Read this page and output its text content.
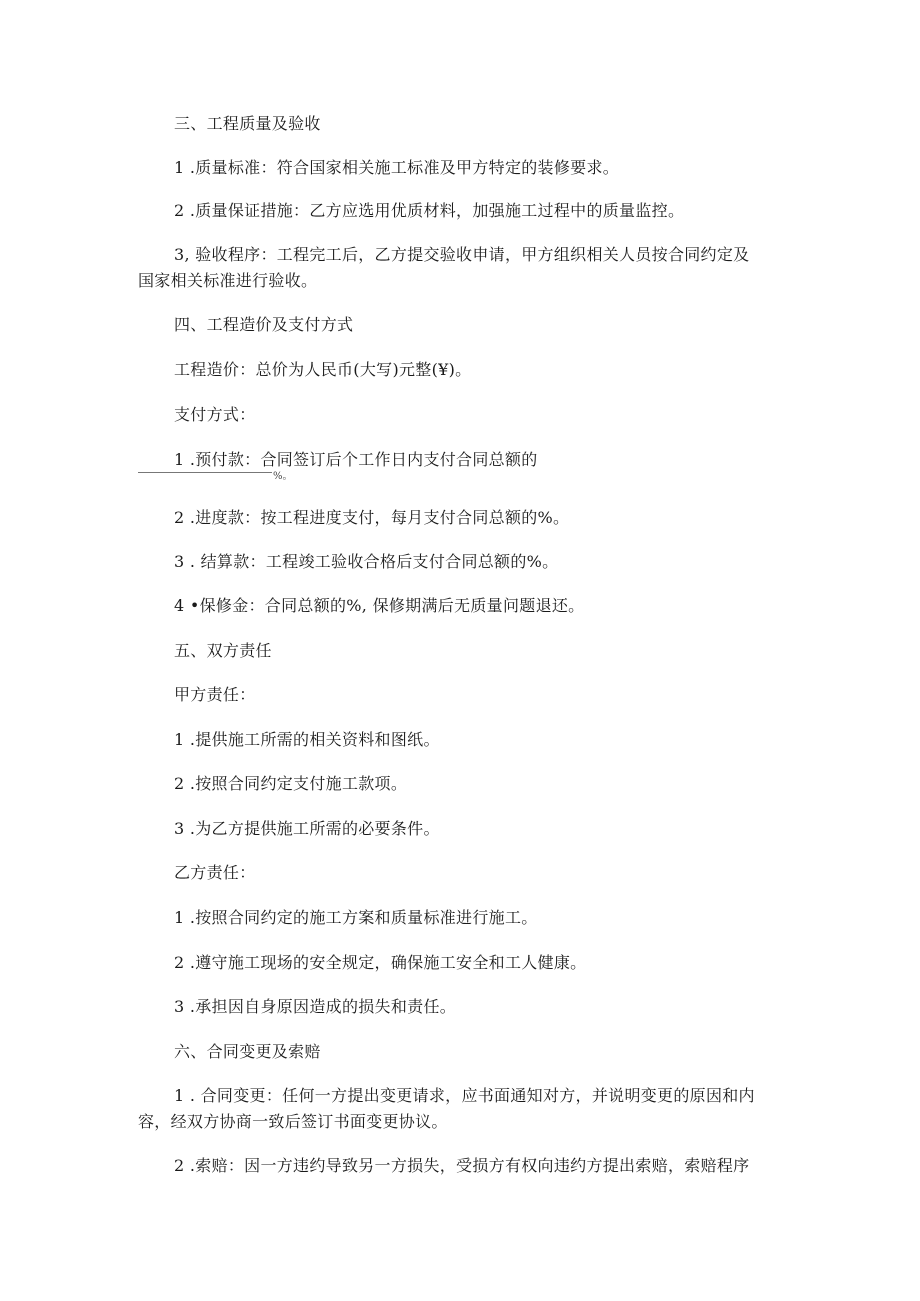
三、工程质量及验收
1 .质量标准：符合国家相关施工标准及甲方特定的装修要求。
2 .质量保证措施：乙方应选用优质材料，加强施工过程中的质量监控。
3, 验收程序：工程完工后，乙方提交验收申请，甲方组织相关人员按合同约定及
国家相关标准进行验收。
四、工程造价及支付方式
工程造价：总价为人民币(大写)元整(¥)。
支付方式：
1 .预付款：合同签订后个工作日内支付合同总额的
%。
2 .进度款：按工程进度支付，每月支付合同总额的%。
3 . 结算款：工程竣工验收合格后支付合同总额的%。
4 •保修金：合同总额的%, 保修期满后无质量问题退还。
五、双方责任
甲方责任：
1 .提供施工所需的相关资料和图纸。
2 .按照合同约定支付施工款项。
3 .为乙方提供施工所需的必要条件。
乙方责任：
1 .按照合同约定的施工方案和质量标准进行施工。
2 .遵守施工现场的安全规定，确保施工安全和工人健康。
3 .承担因自身原因造成的损失和责任。
六、合同变更及索赔
1 . 合同变更：任何一方提出变更请求，应书面通知对方，并说明变更的原因和内
容，经双方协商一致后签订书面变更协议。
2 .索赔：因一方违约导致另一方损失，受损方有权向违约方提出索赔，索赔程序
